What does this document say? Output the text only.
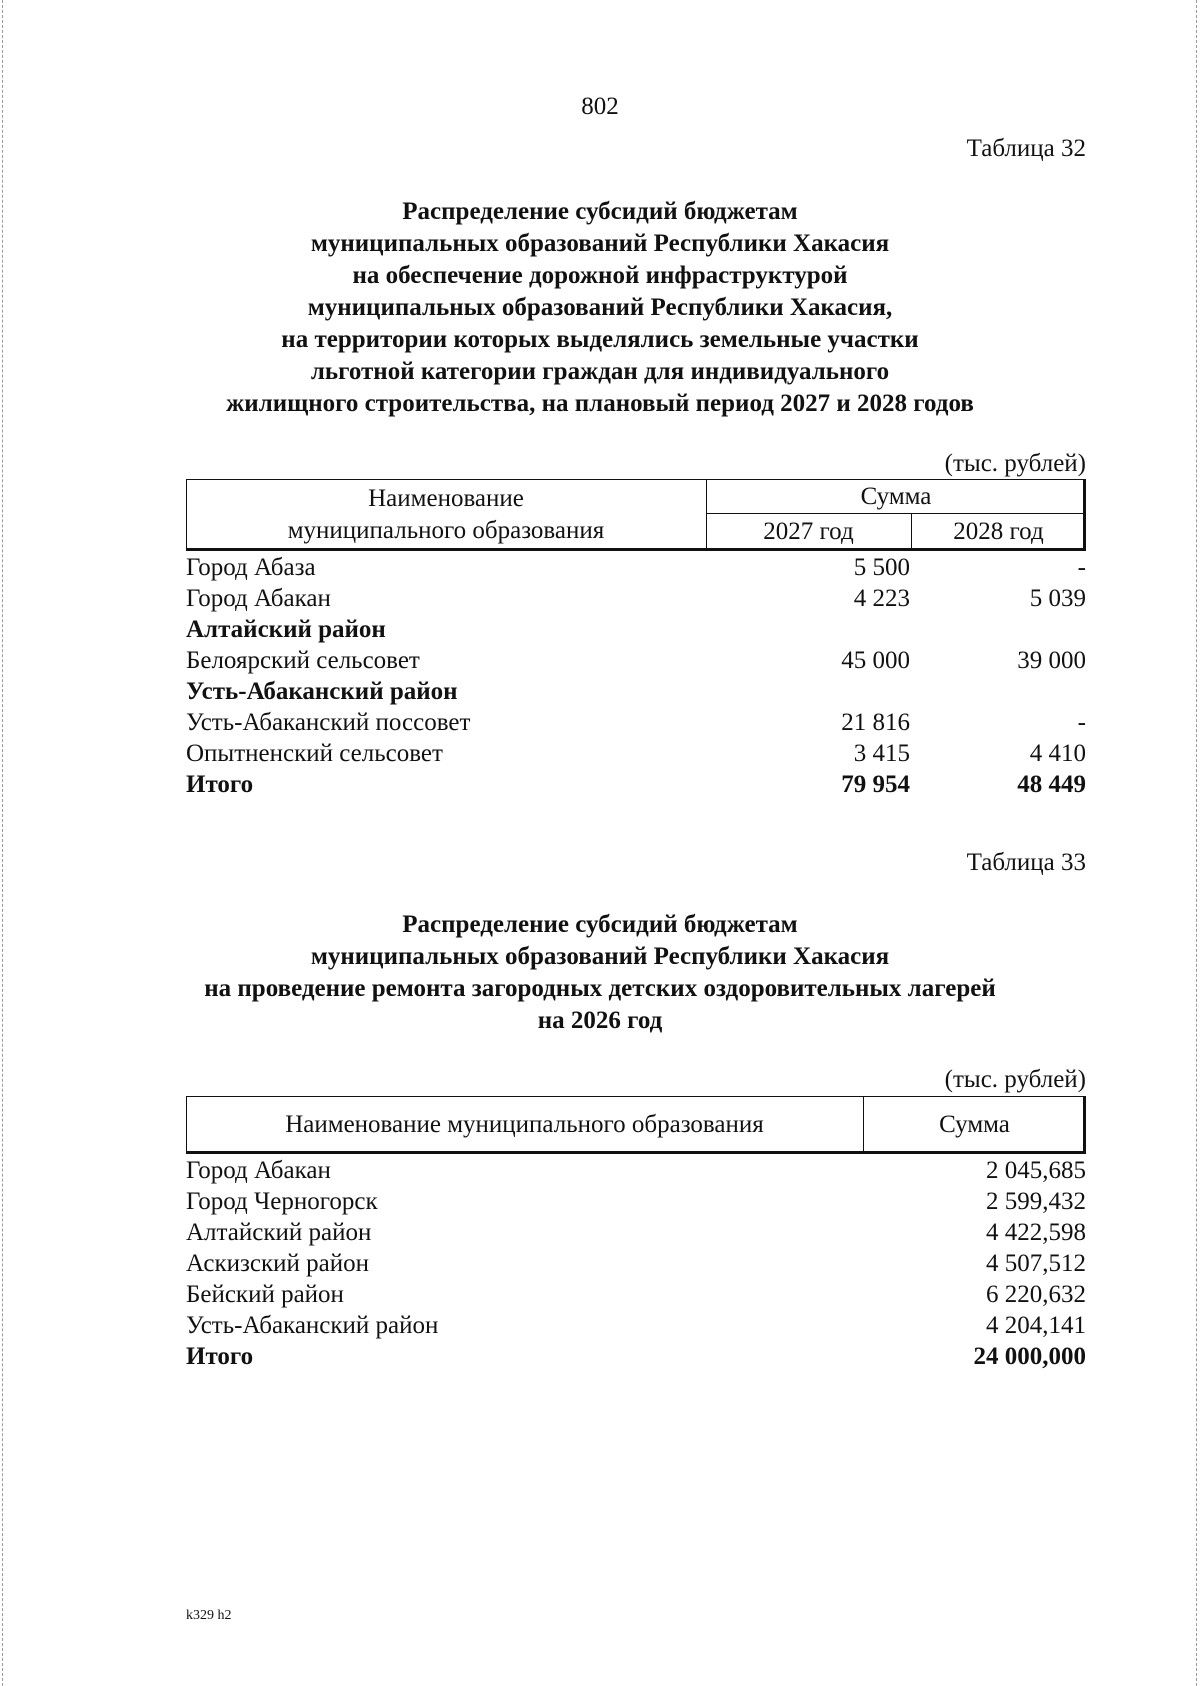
802
Таблица 32
Распределение субсидий бюджетам
муниципальных образований Республики Хакасия
на обеспечение дорожной инфраструктурой
муниципальных образований Республики Хакасия,
на территории которых выделялись земельные участки
льготной категории граждан для индивидуального
жилищного строительства, на плановый период 2027 и 2028 годов
(тыс. рублей)
Наименование
муниципального образования
Сумма
2027 год	2028 год
Город Абаза	5 500	-
Город Абакан	4 223	5 039
Алтайский район
Белоярский сельсовет	45 000	39 000
Усть-Абаканский район
Усть-Абаканский поссовет	21 816	-
Опытненский сельсовет	3 415	4 410
Итого	79 954	48 449
Таблица 33
Распределение субсидий бюджетам
муниципальных образований Республики Хакасия
на проведение ремонта загородных детских оздоровительных лагерей
на 2026 год
(тыс. рублей)
Наименование муниципального образования	Сумма
Город Абакан	2 045,685
Город Черногорск	2 599,432
Алтайский район	4 422,598
Аскизский район	4 507,512
Бейский район	6 220,632
Усть-Абаканский район	4 204,141
Итого	24 000,000
k329 h2
